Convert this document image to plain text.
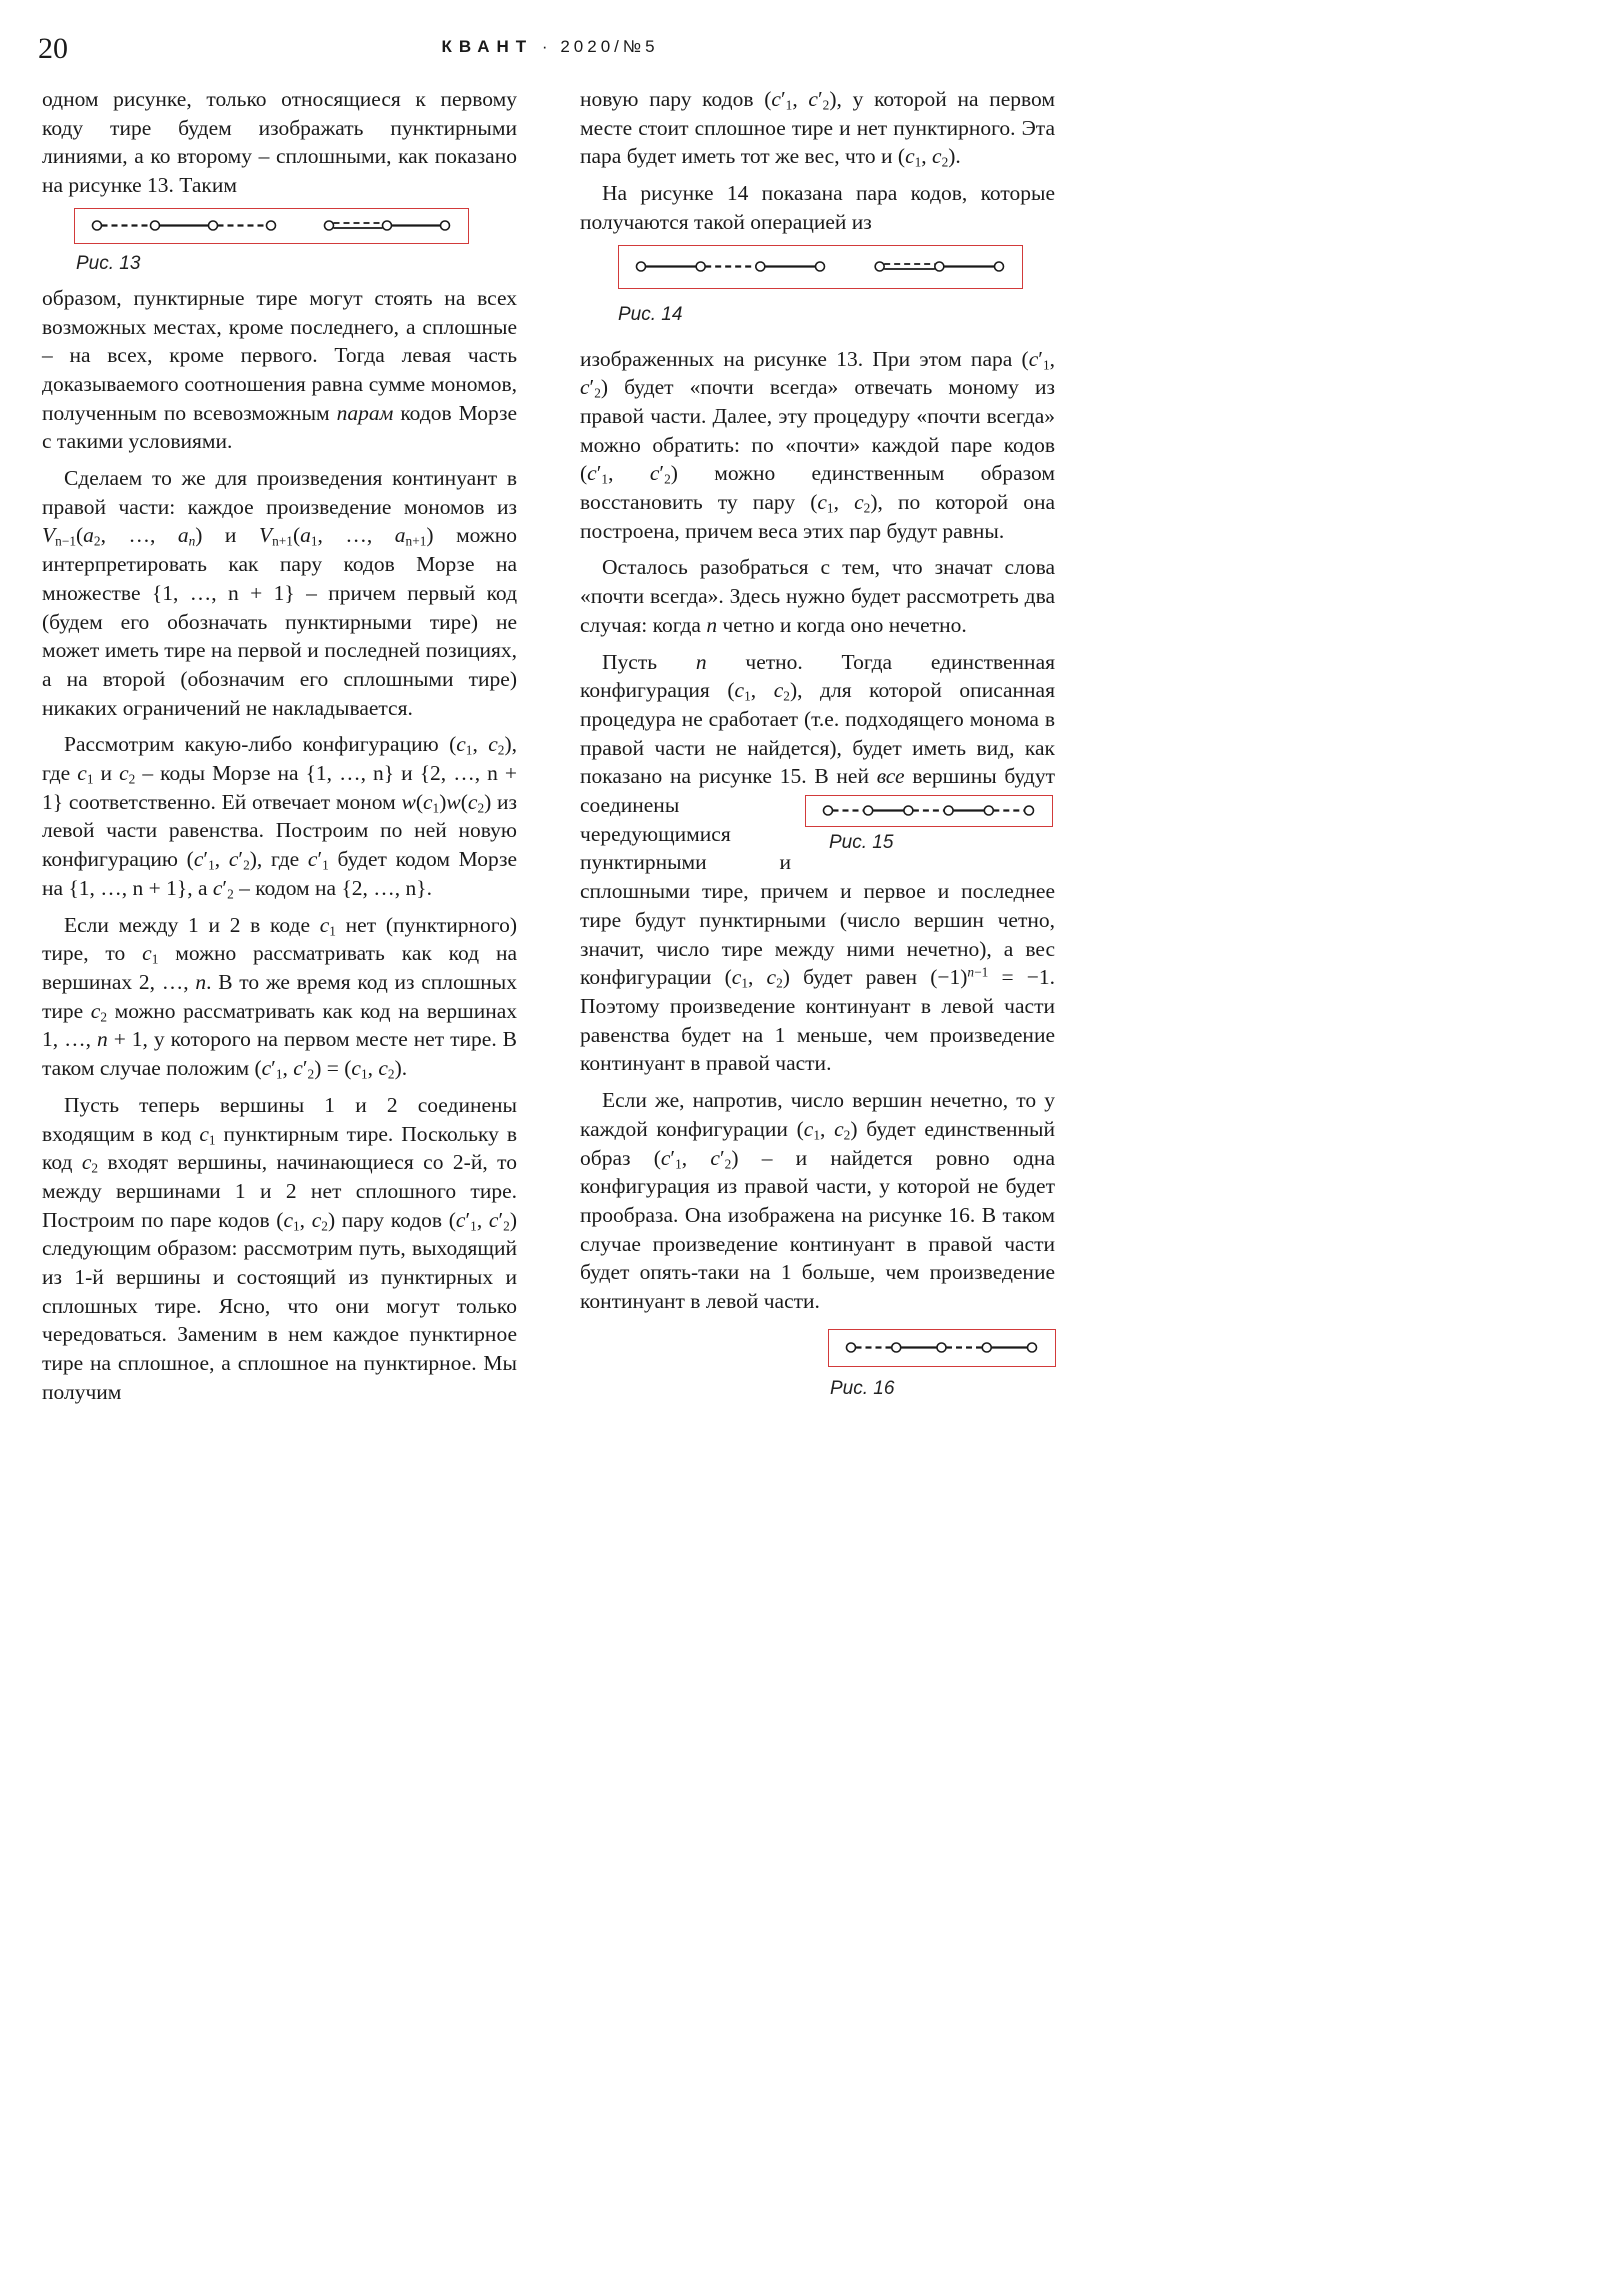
20	КВАНТ · 2020/№5

одном рисунке, только относящиеся к первому коду тире будем изображать пунктирными линиями, а ко второму – сплошными, как показано на рисунке 13. Таким

Рис. 13

образом, пунктирные тире могут стоять на всех возможных местах, кроме последнего, а сплошные – на всех, кроме первого. Тогда левая часть доказываемого соотношения равна сумме мономов, полученным по всевозможным парам кодов Морзе с такими условиями.

Сделаем то же для произведения континуант в правой части: каждое произведение мономов из $V_{n-1}(a_2$, …, $a_n$) и $V_{n+1}(a_1$, …, $a_{n+1}$) можно интерпретировать как пару кодов Морзе на множестве {1, …, n + 1} – причем первый код (будем его обозначать пунктирными тире) не может иметь тире на первой и последней позициях, а на второй (обозначим его сплошными тире) никаких ограничений не накладывается.

Рассмотрим какую-либо конфигурацию ($c_1$, $c_2$), где $c_1$ и $c_2$ – коды Морзе на {1, …, n} и {2, …, n + 1} соответственно. Ей отвечает моном $w(c_1)w(c_2)$ из левой части равенства. Построим по ней новую конфигурацию ($c'_1$, $c'_2$), где $c'_1$ будет кодом Морзе на {1, …, n + 1}, а $c'_2$ – кодом на {2, …, n}.

Если между 1 и 2 в коде $c_1$ нет (пунктирного) тире, то $c_1$ можно рассматривать как код на вершинах 2, …, n. В то же время код из сплошных тире $c_2$ можно рассматривать как код на вершинах 1, …, n + 1, у которого на первом месте нет тире. В таком случае положим ($c'_1$, $c'_2) = (c_1$, $c_2$).

Пусть теперь вершины 1 и 2 соединены входящим в код $c_1$ пунктирным тире. Поскольку в код $c_2$ входят вершины, начинающиеся со 2-й, то между вершинами 1 и 2 нет сплошного тире. Построим по паре кодов ($c_1$, $c_2$) пару кодов ($c'_1$, $c'_2$) следующим образом: рассмотрим путь, выходящий из 1-й вершины и состоящий из пунктирных и сплошных тире. Ясно, что они могут только чередоваться. Заменим в нем каждое пунктирное тире на сплошное, а сплошное на пунктирное. Мы получим

новую пару кодов ($c'_1$, $c'_2$), у которой на первом месте стоит сплошное тире и нет пунктирного. Эта пара будет иметь тот же вес, что и ($c_1$, $c_2$).

На рисунке 14 показана пара кодов, которые получаются такой операцией из

Рис. 14

изображенных на рисунке 13. При этом пара ($c'_1$, $c'_2$) будет «почти всегда» отвечать моному из правой части. Далее, эту процедуру «почти всегда» можно обратить: по «почти» каждой паре кодов ($c'_1$, $c'_2$) можно единственным образом восстановить ту пару ($c_1$, $c_2$), по которой она построена, причем веса этих пар будут равны.

Осталось разобраться с тем, что значат слова «почти всегда». Здесь нужно будет рассмотреть два случая: когда n четно и когда оно нечетно.

Пусть n четно. Тогда единственная конфигурация ($c_1$, $c_2$), для которой описанная процедура не сработает (т.е. подходящего монома в правой части не найдется), будет иметь вид, как показано на рисунке 15. В ней
Рис. 15
все вершины будут соединены чередующимися пунктирными и сплошными тире, причем и первое и последнее тире будут пунктирными (число вершин четно, значит, число тире между ними нечетно), а вес конфигурации ($c_1$, $c_2$) будет равен $(-1)^{n-1} = -1$. Поэтому произведение континуант в левой части равенства будет на 1 меньше, чем произведение континуант в правой части.

Если же, напротив, число вершин нечетно, то у каждой конфигурации ($c_1$, $c_2$) будет единственный образ ($c'_1$, $c'_2$) – и найдется ровно одна конфигурация из правой части, у которой не будет прообраза. Она изображена на рисунке 16. В таком случае произведение континуант в правой части будет опять-таки на 1 больше, чем произведение континуант в левой части.

Рис. 16
